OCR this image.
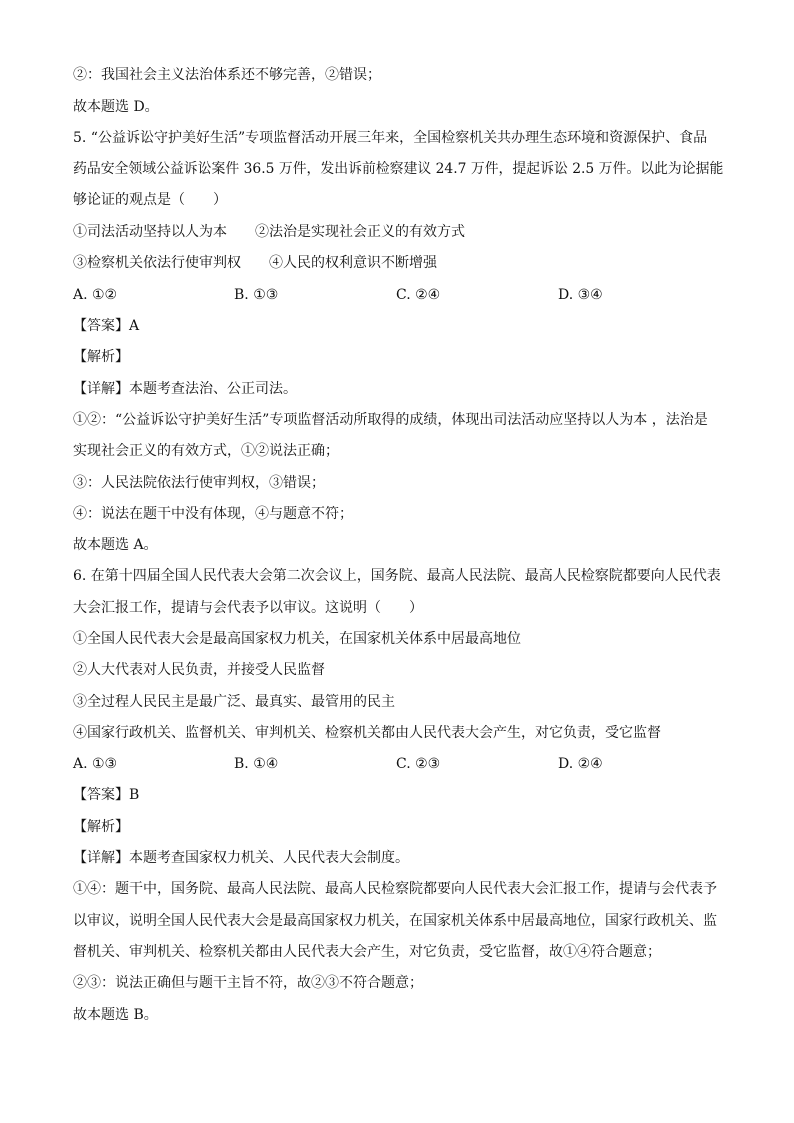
②：我国社会主义法治体系还不够完善，②错误；
故本题选 D。
5. “公益诉讼守护美好生活”专项监督活动开展三年来，全国检察机关共办理生态环境和资源保护、食品
药品安全领域公益诉讼案件 36.5 万件，发出诉前检察建议 24.7 万件，提起诉讼 2.5 万件。以此为论据能
够论证的观点是（　　）
①司法活动坚持以人为本　　②法治是实现社会正义的有效方式
③检察机关依法行使审判权　　④人民的权利意识不断增强
A. ①②	B. ①③	C. ②④	D. ③④
【答案】A
【解析】
【详解】本题考查法治、公正司法。
①②：“公益诉讼守护美好生活”专项监督活动所取得的成绩，体现出司法活动应坚持以人为本 ，法治是
实现社会正义的有效方式，①②说法正确；
③：人民法院依法行使审判权，③错误；
④：说法在题干中没有体现，④与题意不符；
故本题选 A。
6. 在第十四届全国人民代表大会第二次会议上，国务院、最高人民法院、最高人民检察院都要向人民代表
大会汇报工作，提请与会代表予以审议。这说明（　　）
①全国人民代表大会是最高国家权力机关，在国家机关体系中居最高地位
②人大代表对人民负责，并接受人民监督
③全过程人民民主是最广泛、最真实、最管用的民主
④国家行政机关、监督机关、审判机关、检察机关都由人民代表大会产生，对它负责，受它监督
A. ①③	B. ①④	C. ②③	D. ②④
【答案】B
【解析】
【详解】本题考查国家权力机关、人民代表大会制度。
①④：题干中，国务院、最高人民法院、最高人民检察院都要向人民代表大会汇报工作，提请与会代表予
以审议，说明全国人民代表大会是最高国家权力机关，在国家机关体系中居最高地位，国家行政机关、监
督机关、审判机关、检察机关都由人民代表大会产生，对它负责，受它监督，故①④符合题意；
②③：说法正确但与题干主旨不符，故②③不符合题意；
故本题选 B。
